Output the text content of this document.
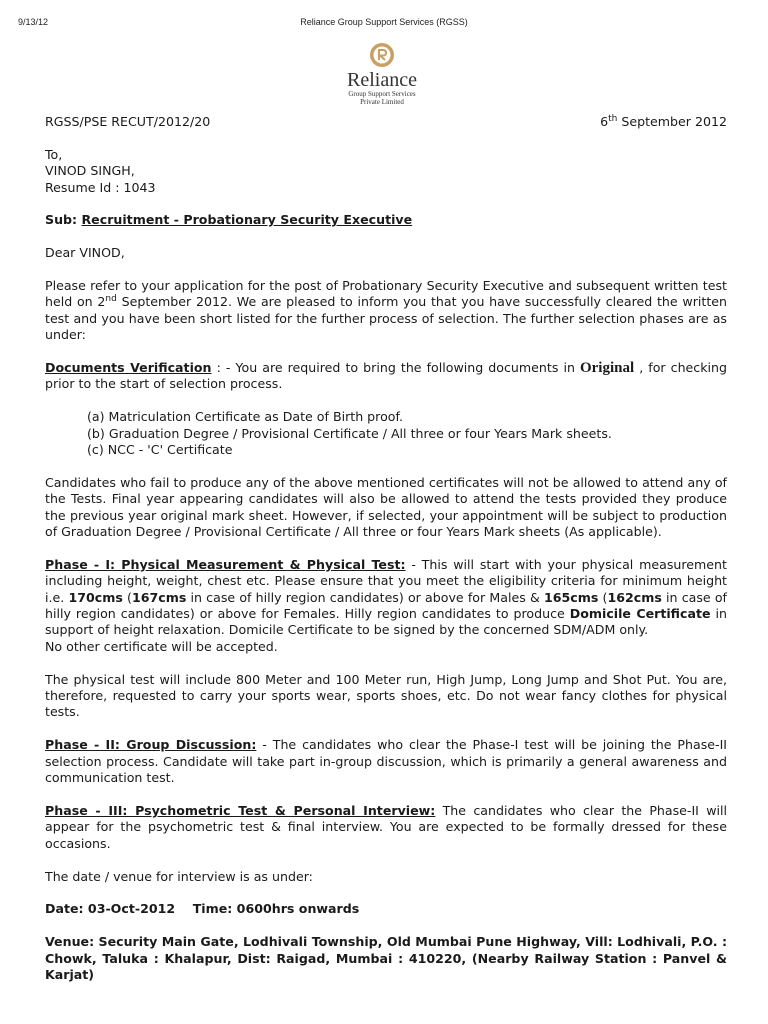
9/13/12	Reliance Group Support Services (RGSS)
Reliance
Group Support Services
Private Limited
RGSS/PSE RECUT/2012/20	6th September 2012

To,

VINOD SINGH,

Resume Id : 1043

Sub: Recruitment - Probationary Security Executive

Dear VINOD,

Please refer to your application for the post of Probationary Security Executive and subsequent written test held on 2nd September 2012. We are pleased to inform you that you have successfully cleared the written test and you have been short listed for the further process of selection. The further selection phases are as under:

Documents Verification : - You are required to bring the following documents in Original , for checking prior to the start of selection process.

(a) Matriculation Certificate as Date of Birth proof.

(b) Graduation Degree / Provisional Certificate / All three or four Years Mark sheets.

(c) NCC - 'C' Certificate

Candidates who fail to produce any of the above mentioned certificates will not be allowed to attend any of the Tests. Final year appearing candidates will also be allowed to attend the tests provided they produce the previous year original mark sheet. However, if selected, your appointment will be subject to production of Graduation Degree / Provisional Certificate / All three or four Years Mark sheets (As applicable).

Phase - I: Physical Measurement & Physical Test: - This will start with your physical measurement including height, weight, chest etc. Please ensure that you meet the eligibility criteria for minimum height i.e. 170cms (167cms in case of hilly region candidates) or above for Males & 165cms (162cms in case of hilly region candidates) or above for Females. Hilly region candidates to produce Domicile Certificate in support of height relaxation. Domicile Certificate to be signed by the concerned SDM/ADM only.

No other certificate will be accepted.

The physical test will include 800 Meter and 100 Meter run, High Jump, Long Jump and Shot Put. You are, therefore, requested to carry your sports wear, sports shoes, etc. Do not wear fancy clothes for physical tests.

Phase - II: Group Discussion: - The candidates who clear the Phase-I test will be joining the Phase-II selection process. Candidate will take part in-group discussion, which is primarily a general awareness and communication test.

Phase - III: Psychometric Test & Personal Interview: The candidates who clear the Phase-II will appear for the psychometric test & final interview. You are expected to be formally dressed for these occasions.

The date / venue for interview is as under:

Date: 03-Oct-2012    Time: 0600hrs onwards

Venue: Security Main Gate, Lodhivali Township, Old Mumbai Pune Highway, Vill: Lodhivali, P.O. : Chowk, Taluka : Khalapur, Dist: Raigad, Mumbai : 410220, (Nearby Railway Station : Panvel & Karjat)
